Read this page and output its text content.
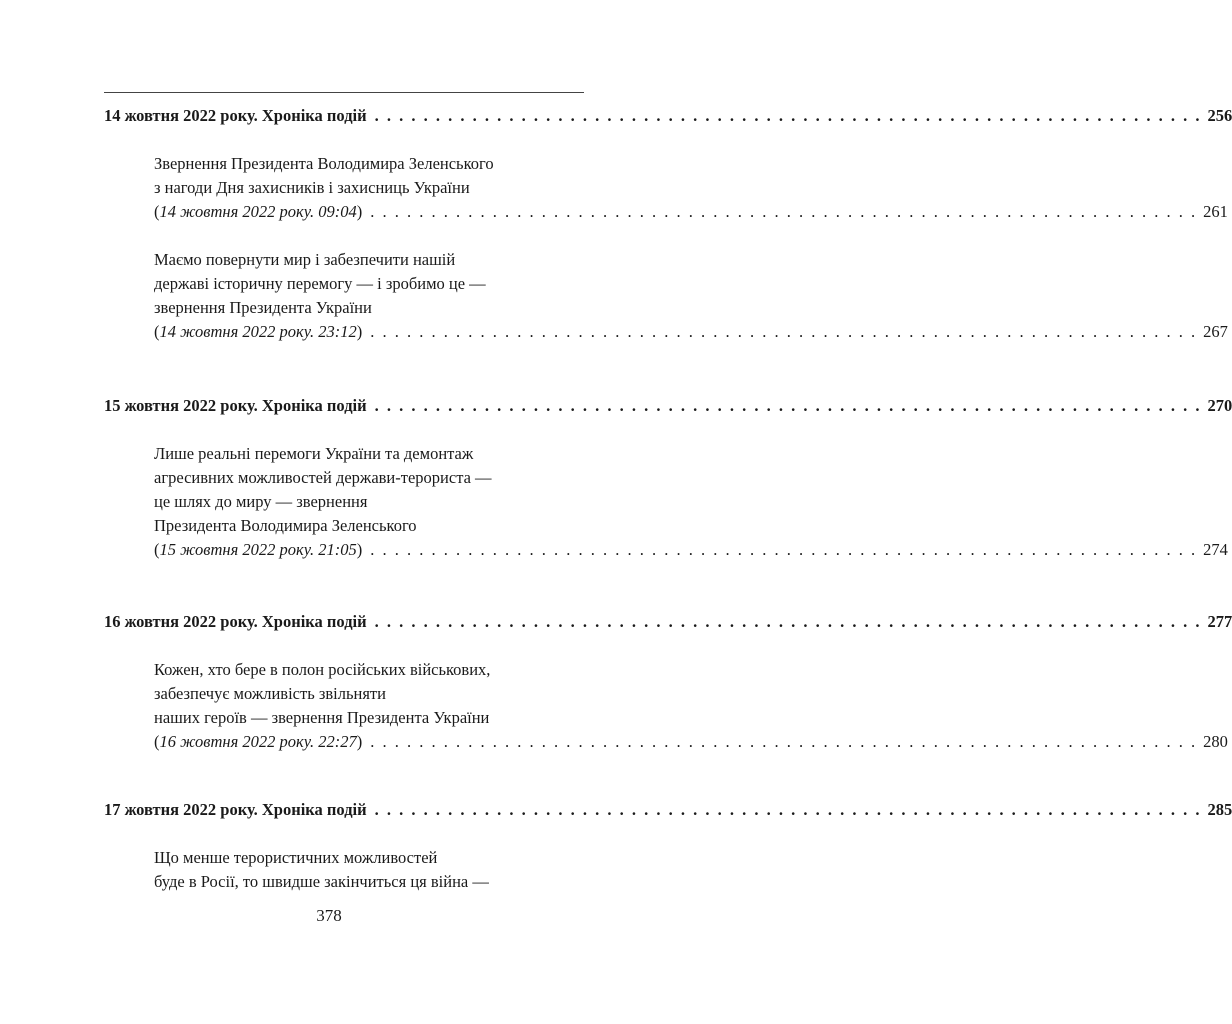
14 жовтня 2022 року. Хроніка подій . . . . . . . . . . . . . . . . . . . . . . . . . . . . . . . . . . . . . . . . . . . . . . . . . . . . . . . . . . . . . . . . . . . . 256
Звернення Президента Володимира Зеленського
з нагоди Дня захисників і захисниць України
( 14 жовтня 2022 року. 09:04 ) . . . . . . . . . . . . . . . . . . . . . . . . . . . . . . . . . . . . . . . . . . . . . . . . . . . . . . . . . . . . . . . . . . . . 261
Маємо повернути мир і забезпечити нашій
державі історичну перемогу — і зробимо це —
звернення Президента України
( 14 жовтня 2022 року. 23:12 ) . . . . . . . . . . . . . . . . . . . . . . . . . . . . . . . . . . . . . . . . . . . . . . . . . . . . . . . . . . . . . . . . . . . . 267
15 жовтня 2022 року. Хроніка подій . . . . . . . . . . . . . . . . . . . . . . . . . . . . . . . . . . . . . . . . . . . . . . . . . . . . . . . . . . . . . . . . . . . . 270
Лише реальні перемоги України та демонтаж
агресивних можливостей держави-терориста —
це шлях до миру — звернення
Президента Володимира Зеленського
( 15 жовтня 2022 року. 21:05 ) . . . . . . . . . . . . . . . . . . . . . . . . . . . . . . . . . . . . . . . . . . . . . . . . . . . . . . . . . . . . . . . . . . . . 274
16 жовтня 2022 року. Хроніка подій . . . . . . . . . . . . . . . . . . . . . . . . . . . . . . . . . . . . . . . . . . . . . . . . . . . . . . . . . . . . . . . . . . . . 277
Кожен, хто бере в полон російських військових,
забезпечує можливість звільняти
наших героїв — звернення Президента України
( 16 жовтня 2022 року. 22:27 ) . . . . . . . . . . . . . . . . . . . . . . . . . . . . . . . . . . . . . . . . . . . . . . . . . . . . . . . . . . . . . . . . . . . . 280
17 жовтня 2022 року. Хроніка подій . . . . . . . . . . . . . . . . . . . . . . . . . . . . . . . . . . . . . . . . . . . . . . . . . . . . . . . . . . . . . . . . . . . . 285
Що менше терористичних можливостей
буде в Росії, то швидше закінчиться ця війна —
378
